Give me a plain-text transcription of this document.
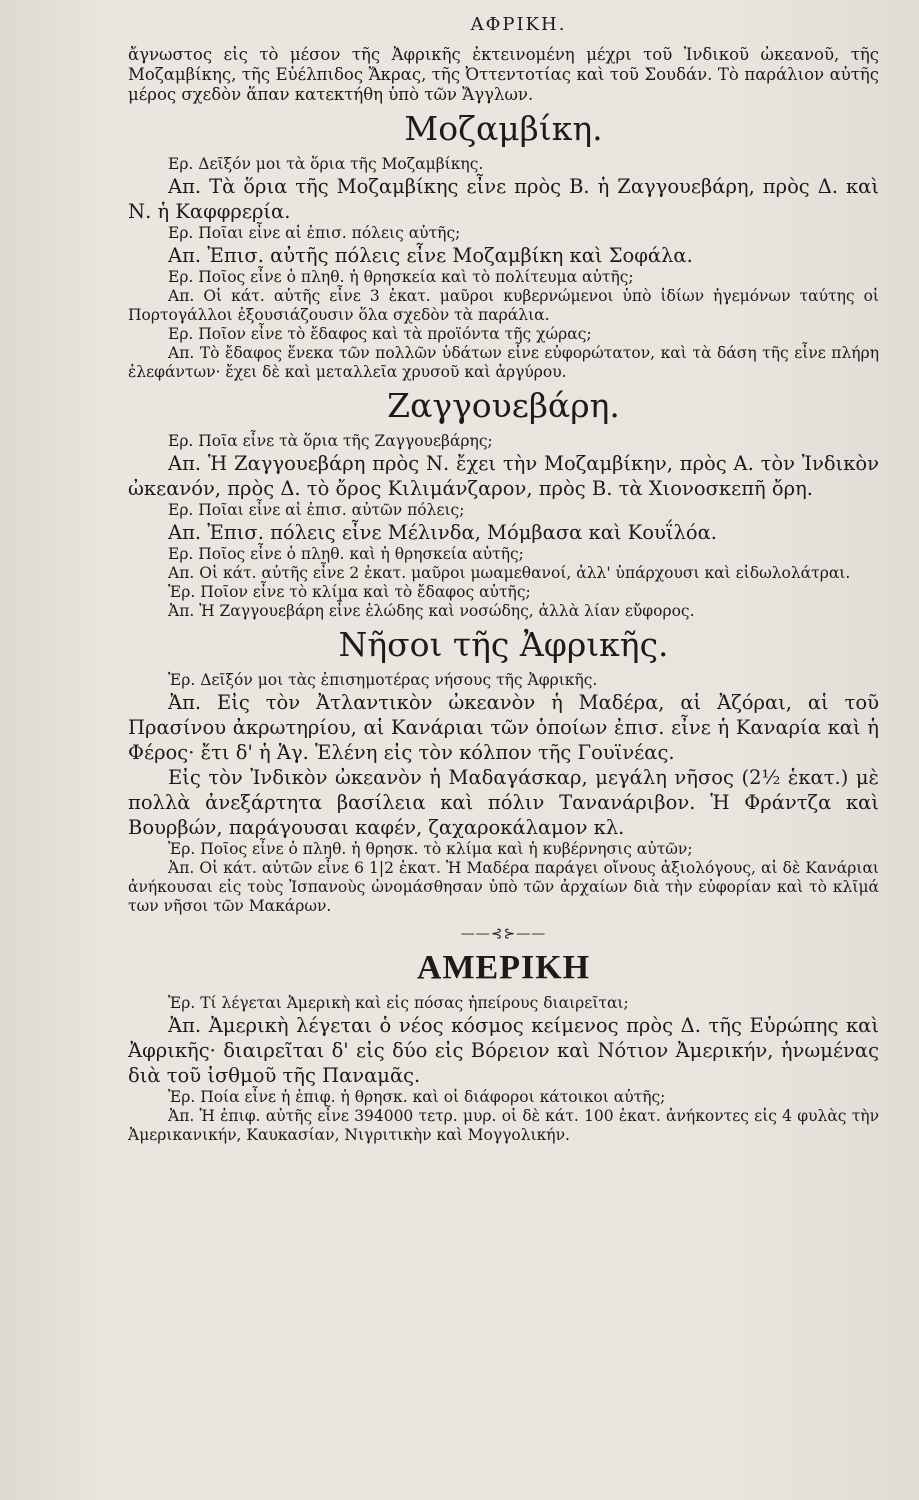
ΑΦΡΙΚΗ.

ἄγνωστος εἰς τὸ μέσον τῆς Ἀφρικῆς ἐκτεινομένη μέχρι τοῦ Ἰνδικοῦ ὠκεανοῦ, τῆς Μοζαμβίκης, τῆς Εὐέλπιδος Ἄκρας, τῆς Ὀττεντοτίας καὶ τοῦ Σουδάν. Τὸ παράλιον αὐτῆς μέρος σχεδὸν ἅπαν κατεκτήθη ὑπὸ τῶν Ἄγγλων.

Μοζαμβίκη.

Ερ. Δεῖξόν μοι τὰ ὅρια τῆς Μοζαμβίκης.

Απ. Τὰ ὅρια τῆς Μοζαμβίκης εἶνε πρὸς Β. ἡ Ζαγγουεβάρη, πρὸς Δ. καὶ Ν. ἡ Καφφρερία.

Ερ. Ποῖαι εἶνε αἱ ἐπισ. πόλεις αὐτῆς;

Απ. Ἐπισ. αὐτῆς πόλεις εἶνε Μοζαμβίκη καὶ Σοφάλα.

Ερ. Ποῖος εἶνε ὁ πληθ. ἡ θρησκεία καὶ τὸ πολίτευμα αὐτῆς;

Απ. Οἱ κάτ. αὐτῆς εἶνε 3 ἑκατ. μαῦροι κυβερνώμενοι ὑπὸ ἰδίων ἡγεμόνων ταύτης οἱ Πορτογάλλοι ἐξουσιάζουσιν ὅλα σχεδὸν τὰ παράλια.

Ερ. Ποῖον εἶνε τὸ ἔδαφος καὶ τὰ προϊόντα τῆς χώρας;

Απ. Τὸ ἔδαφος ἕνεκα τῶν πολλῶν ὑδάτων εἶνε εὐφορώτατον, καὶ τὰ δάση τῆς εἶνε πλήρη ἐλεφάντων· ἔχει δὲ καὶ μεταλλεῖα χρυσοῦ καὶ ἀργύρου.

Ζαγγουεβάρη.

Ερ. Ποῖα εἶνε τὰ ὅρια τῆς Ζαγγουεβάρης;

Απ. Ἡ Ζαγγουεβάρη πρὸς Ν. ἔχει τὴν Μοζαμβίκην, πρὸς Α. τὸν Ἰνδικὸν ὠκεανόν, πρὸς Δ. τὸ ὄρος Κιλιμάνζαρον, πρὸς Β. τὰ Χιονοσκεπῆ ὄρη.

Ερ. Ποῖαι εἶνε αἱ ἐπισ. αὐτῶν πόλεις;

Απ. Ἐπισ. πόλεις εἶνε Μέλινδα, Μόμβασα καὶ Κουΐλόα.

Ερ. Ποῖος εἶνε ὁ πληθ. καὶ ἡ θρησκεία αὐτῆς;

Απ. Οἱ κάτ. αὐτῆς εἶνε 2 ἑκατ. μαῦροι μωαμεθανοί, ἀλλ' ὑπάρχουσι καὶ εἰδωλολάτραι.

Ἐρ. Ποῖον εἶνε τὸ κλίμα καὶ τὸ ἔδαφος αὐτῆς;

Ἀπ. Ἡ Ζαγγουεβάρη εἶνε ἑλώδης καὶ νοσώδης, ἀλλὰ λίαν εὔφορος.

Νῆσοι τῆς Ἀφρικῆς.

Ἐρ. Δεῖξόν μοι τὰς ἐπισημοτέρας νήσους τῆς Ἀφρικῆς.

Ἀπ. Εἰς τὸν Ἀτλαντικὸν ὠκεανὸν ἡ Μαδέρα, αἱ Ἀζόραι, αἱ τοῦ Πρασίνου ἀκρωτηρίου, αἱ Κανάριαι τῶν ὁποίων ἐπισ. εἶνε ἡ Καναρία καὶ ἡ Φέρος· ἔτι δ' ἡ Ἁγ. Ἑλένη εἰς τὸν κόλπον τῆς Γουϊνέας.

Εἰς τὸν Ἰνδικὸν ὠκεανὸν ἡ Μαδαγάσκαρ, μεγάλη νῆσος (2½ ἑκατ.) μὲ πολλὰ ἀνεξάρτητα βασίλεια καὶ πόλιν Τανανάριβον. Ἡ Φράντζα καὶ Βουρβών, παράγουσαι καφέν, ζαχαροκάλαμον κλ.

Ἐρ. Ποῖος εἶνε ὁ πληθ. ἡ θρησκ. τὸ κλίμα καὶ ἡ κυβέρνησις αὐτῶν;

Ἀπ. Οἱ κάτ. αὐτῶν εἶνε 6 1|2 ἑκατ. Ἡ Μαδέρα παράγει οἴνους ἀξιολόγους, αἱ δὲ Κανάριαι ἀνήκουσαι εἰς τοὺς Ἰσπανοὺς ὠνομάσθησαν ὑπὸ τῶν ἀρχαίων διὰ τὴν εὐφορίαν καὶ τὸ κλῖμά των νῆσοι τῶν Μακάρων.

——⊰⊱——
ΑΜΕΡΙΚΗ

Ἐρ. Τί λέγεται Ἀμερικὴ καὶ εἰς πόσας ἠπείρους διαιρεῖται;

Ἀπ. Ἀμερικὴ λέγεται ὁ νέος κόσμος κείμενος πρὸς Δ. τῆς Εὐρώπης καὶ Ἀφρικῆς· διαιρεῖται δ' εἰς δύο εἰς Βόρειον καὶ Νότιον Ἀμερικήν, ἡνωμένας διὰ τοῦ ἰσθμοῦ τῆς Παναμᾶς.

Ἐρ. Ποία εἶνε ἡ ἐπιφ. ἡ θρησκ. καὶ οἱ διάφοροι κάτοικοι αὐτῆς;

Ἀπ. Ἡ ἐπιφ. αὐτῆς εἶνε 394000 τετρ. μυρ. οἱ δὲ κάτ. 100 ἑκατ. ἀνήκοντες εἰς 4 φυλὰς τὴν Ἀμερικανικήν, Καυκασίαν, Νιγριτικὴν καὶ Μογγολικήν.
